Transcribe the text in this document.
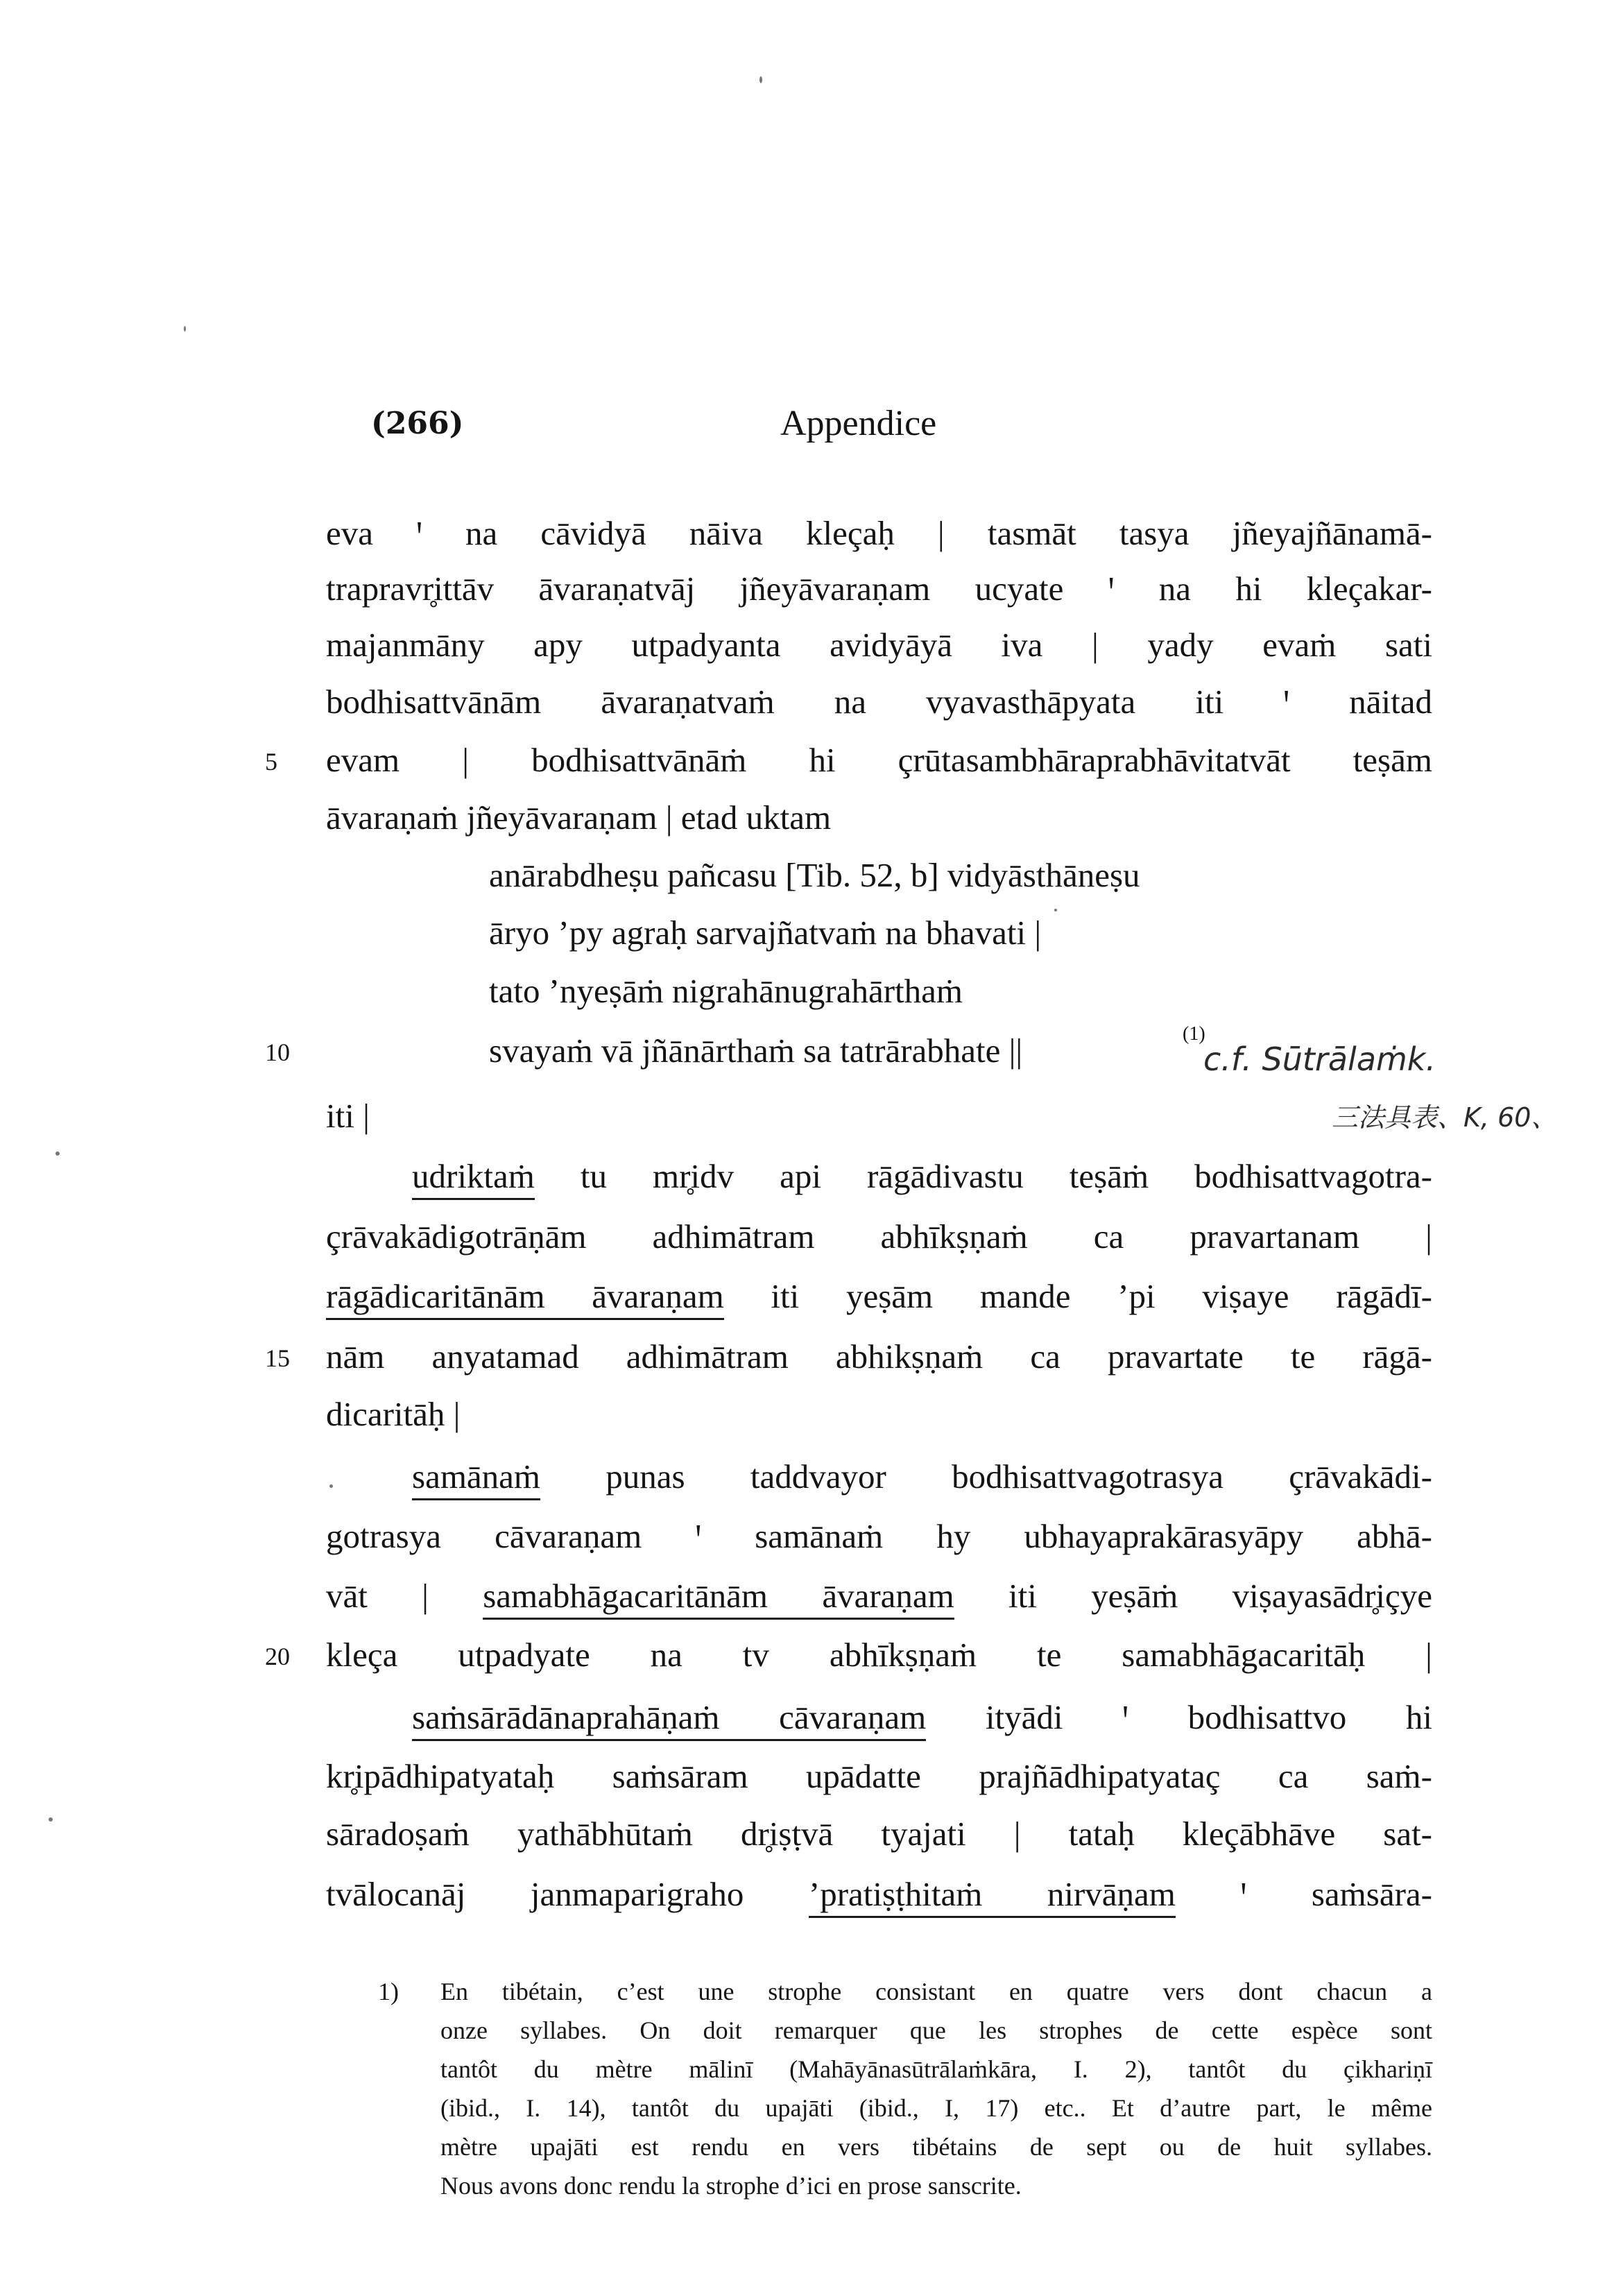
(266)	Appendice
eva ꞌ na cāvidyā nāiva kleçaḥ | tasmāt tasya jñeyajñānamā-
trapravr̥ittāv āvaraṇatvāj jñeyāvaraṇam ucyate ꞌ na hi kleçakar-
majanmāny apy utpadyanta avidyāyā iva | yady evaṁ sati
bodhisattvānām āvaraṇatvaṁ na vyavasthāpyata iti ꞌ nāitad
5 evam | bodhisattvānāṁ hi çrūtasambhāraprabhāvitatvāt teṣām
āvaraṇaṁ jñeyāvaraṇam | etad uktam
anārabdheṣu pañcasu [Tib. 52, b] vidyāsthāneṣu
āryo ’py agraḥ sarvajñatvaṁ na bhavati |
tato ’nyeṣāṁ nigrahānugrahārthaṁ
10	svayaṁ vā jñānārthaṁ sa tatrārabhate ||	(1)
c.f. Sūtrālaṁk.
三法具表、K, 60、
iti |
udriktaṁ tu mr̥idv api rāgādivastu teṣāṁ bodhisattvagotra-
çrāvakādigotrāṇām adhimātram abhīkṣṇaṁ ca pravartanam |
rāgādicaritānām āvaraṇam iti yeṣām mande ’pi viṣaye rāgādī-
15 nām anyatamad adhimātram abhikṣṇaṁ ca pravartate te rāgā-
dicaritāḥ |
samānaṁ punas taddvayor bodhisattvagotrasya çrāvakādi-
gotrasya cāvaraṇam ꞌ samānaṁ hy ubhayaprakārasyāpy abhā-
vāt | samabhāgacaritānām āvaraṇam iti yeṣāṁ viṣayasādr̥içye
20 kleça utpadyate na tv abhīkṣṇaṁ te samabhāgacaritāḥ |
saṁsārādānaprahāṇaṁ cāvaraṇam ityādi ꞌ bodhisattvo hi
kr̥ipādhipatyataḥ saṁsāram upādatte prajñādhipatyataç ca saṁ-
sāradoṣaṁ yathābhūtaṁ dr̥iṣṭvā tyajati | tataḥ kleçābhāve sat-
tvālocanāj janmaparigraho ’pratiṣṭhitaṁ nirvāṇam ꞌ saṁsāra-
1) En tibétain, c’est une strophe consistant en quatre vers dont chacun a
onze syllabes. On doit remarquer que les strophes de cette espèce sont
tantôt du mètre mālinī (Mahāyānasūtrālaṁkāra, I. 2), tantôt du çikhariṇī
(ibid., I. 14), tantôt du upajāti (ibid., I, 17) etc.. Et d’autre part, le même
mètre upajāti est rendu en vers tibétains de sept ou de huit syllabes.
Nous avons donc rendu la strophe d’ici en prose sanscrite.
